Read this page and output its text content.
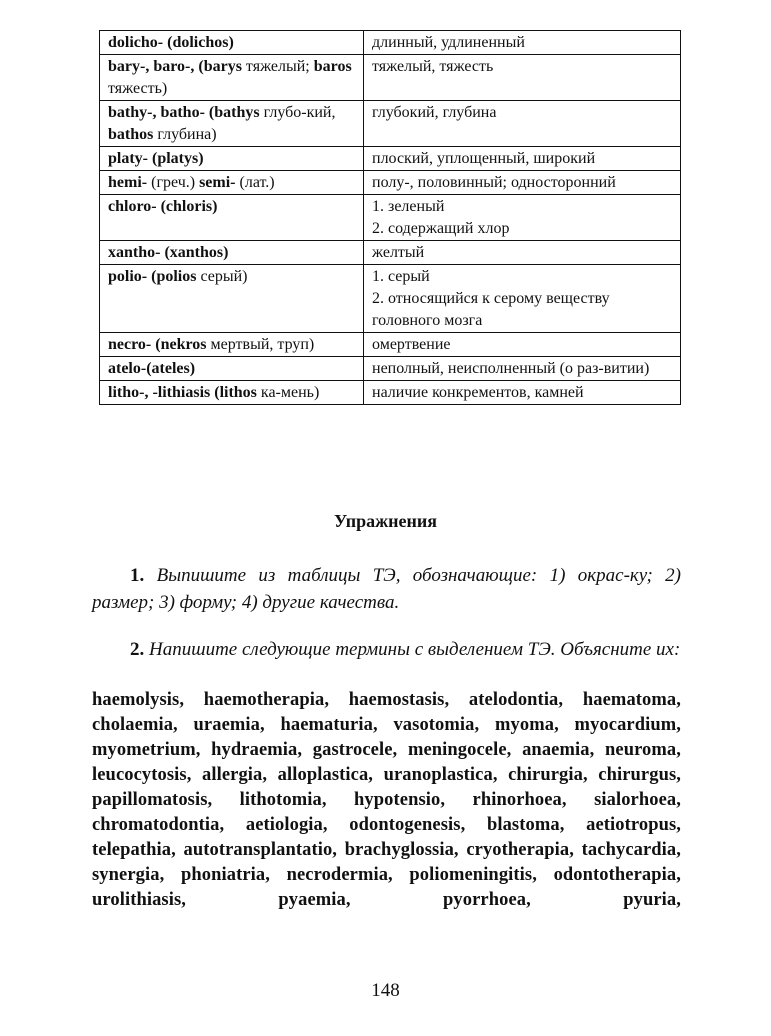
dolicho- (dolichos)	длинный, удлиненный
bary-, baro-, (barys тяжелый; baros тяжесть)	тяжелый, тяжесть
bathy-, batho- (bathys глубо-кий, bathos глубина)	глубокий, глубина
platy- (platys)	плоский, уплощенный, широкий
hemi- (греч.) semi- (лат.)	полу-, половинный; односторонний
chloro- (chloris)	1. зеленый
2. содержащий хлор

xantho- (xanthos)	желтый
polio- (polios серый)	1. серый
2. относящийся к серому веществу головного мозга

necro- (nekros мертвый, труп)	омертвение
atelo-(ateles)	неполный, неисполненный (о раз-витии)
litho-, -lithiasis (lithos ка-мень)	наличие конкрементов, камней
Упражнения
1. Выпишите из таблицы ТЭ, обозначающие: 1) окрас-ку; 2) размер; 3) форму; 4) другие качества.
2. Напишите следующие термины с выделением ТЭ. Объясните их:
haemolysis, haemotherapia, haemostasis, atelodontia, haematoma, cholaemia, uraemia, haematuria, vasotomia, myoma, myocardium, myometrium, hydraemia, gastrocele, meningocele, anaemia, neuroma, leucocytosis, allergia, alloplastica, uranoplastica, chirurgia, chirurgus, papillomatosis, lithotomia, hypotensio, rhinorhoea, sialorhoea, chromatodontia, aetiologia, odontogenesis, blastoma, aetiotropus, telepathia, autotransplantatio, brachyglossia, cryotherapia, tachycardia, synergia, phoniatria, necrodermia, poliomeningitis, odontotherapia, urolithiasis, pyaemia, pyorrhoea, pyuria,
148
